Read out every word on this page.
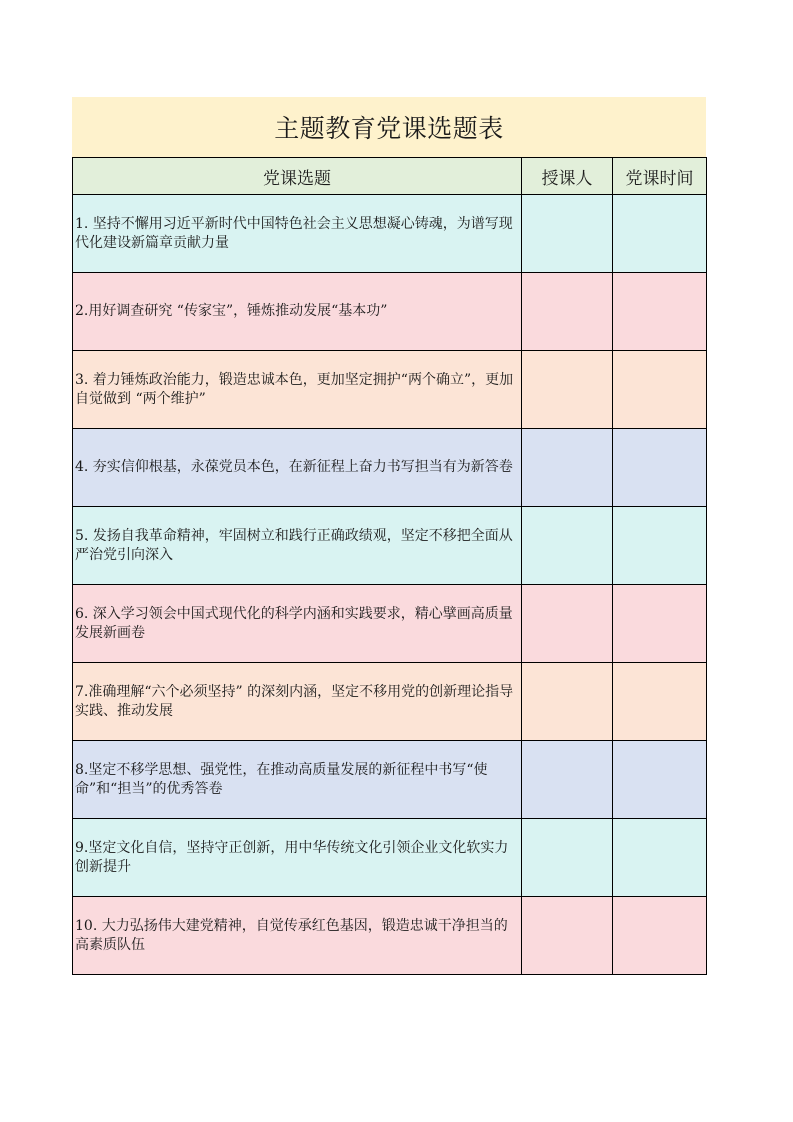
主题教育党课选题表
党课选题	授课人	党课时间
1. 坚持不懈用习近平新时代中国特色社会主义思想凝心铸魂，为谱写现代化建设新篇章贡献力量		
2.用好调查研究 “传家宝”，锤炼推动发展“基本功”		
3. 着力锤炼政治能力，锻造忠诚本色，更加坚定拥护“两个确立”，更加自觉做到 “两个维护”		
4. 夯实信仰根基，永葆党员本色，在新征程上奋力书写担当有为新答卷		
5. 发扬自我革命精神，牢固树立和践行正确政绩观，坚定不移把全面从严治党引向深入		
6. 深入学习领会中国式现代化的科学内涵和实践要求，精心擘画高质量发展新画卷		
7.准确理解“六个必须坚持” 的深刻内涵，坚定不移用党的创新理论指导实践、推动发展		
8.坚定不移学思想、强党性，在推动高质量发展的新征程中书写“使命”和“担当”的优秀答卷		
9.坚定文化自信，坚持守正创新，用中华传统文化引领企业文化软实力创新提升		
10. 大力弘扬伟大建党精神，自觉传承红色基因，锻造忠诚干净担当的高素质队伍		
